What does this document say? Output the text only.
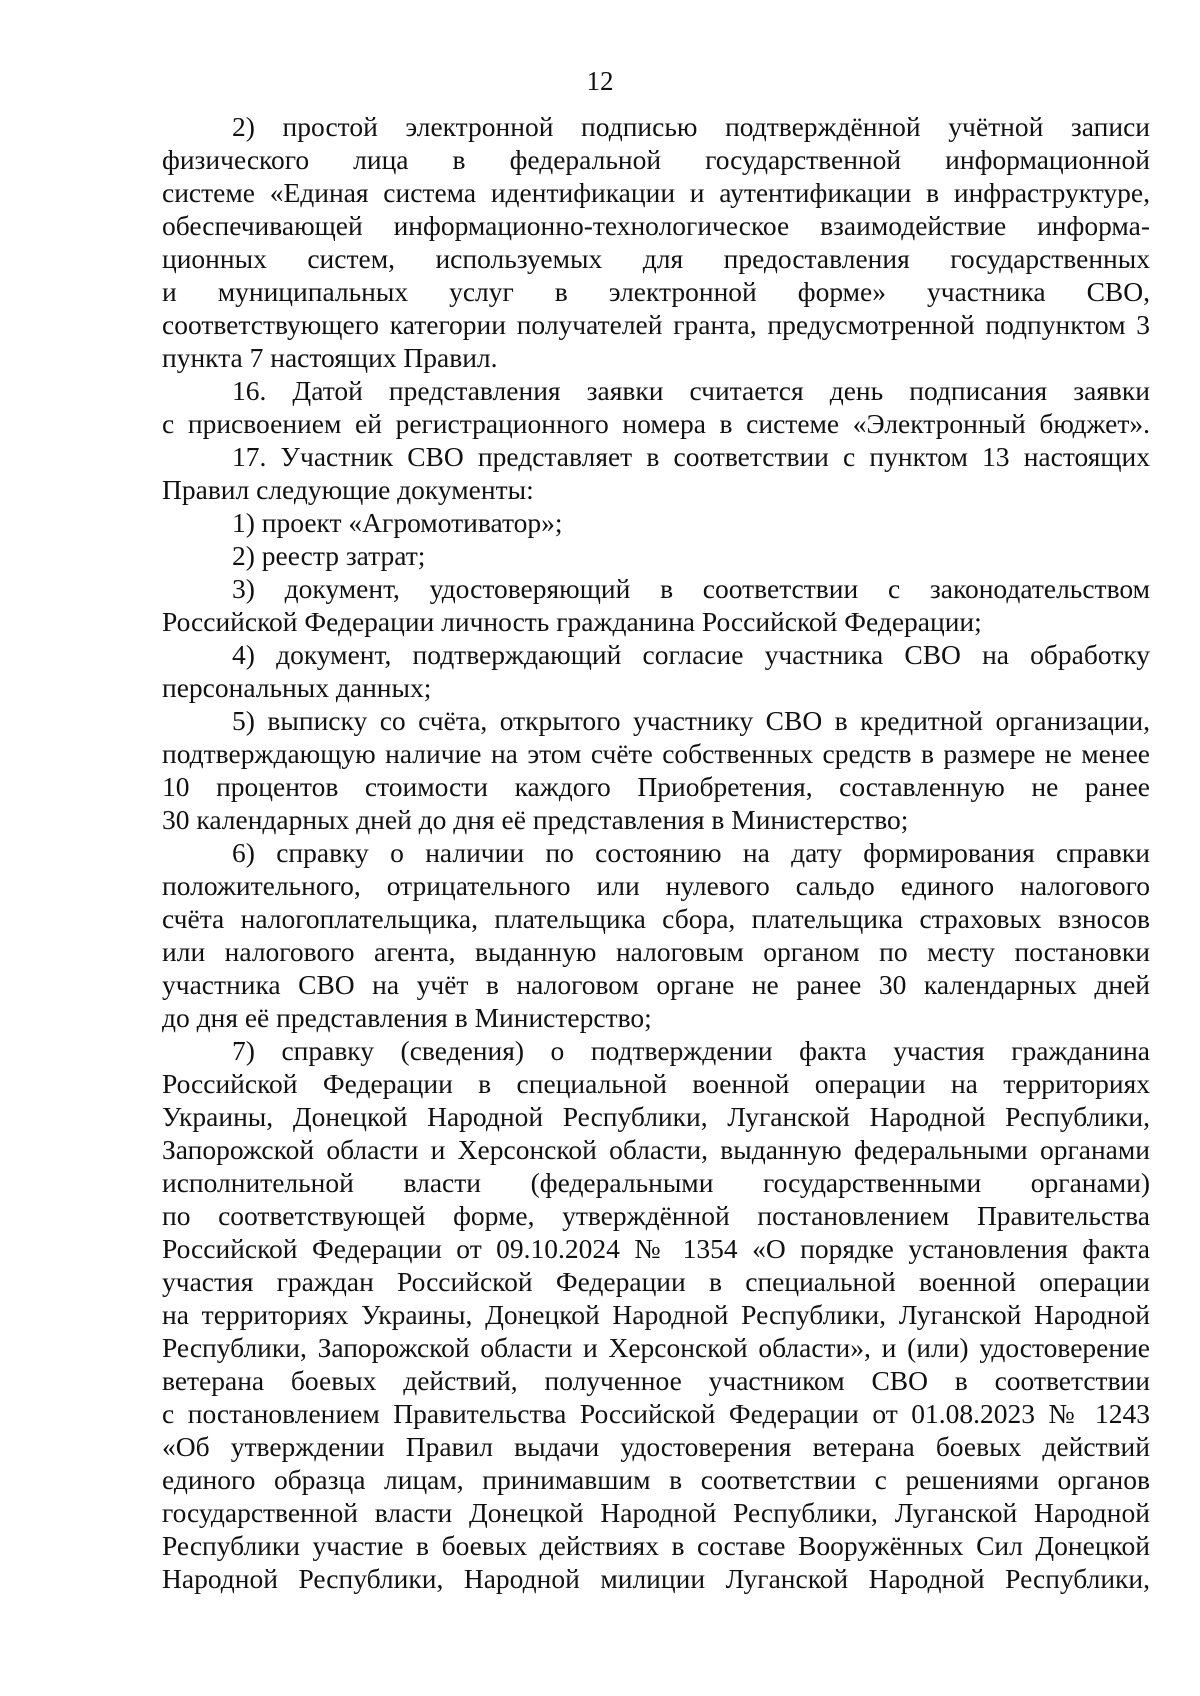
12
2) простой электронной подписью подтверждённой учётной записи
физического лица в федеральной государственной информационной
системе «Единая система идентификации и аутентификации в инфраструктуре,
обеспечивающей информационно-технологическое взаимодействие информа-
ционных систем, используемых для предоставления государственных
и муниципальных услуг в электронной форме» участника СВО,
соответствующего категории получателей гранта, предусмотренной подпунктом 3
пункта 7 настоящих Правил.
16. Датой представления заявки считается день подписания заявки
с присвоением ей регистрационного номера в системе «Электронный бюджет».
17. Участник СВО представляет в соответствии с пунктом 13 настоящих
Правил следующие документы:
1) проект «Агромотиватор»;
2) реестр затрат;
3) документ, удостоверяющий в соответствии с законодательством
Российской Федерации личность гражданина Российской Федерации;
4) документ, подтверждающий согласие участника СВО на обработку
персональных данных;
5) выписку со счёта, открытого участнику СВО в кредитной организации,
подтверждающую наличие на этом счёте собственных средств в размере не менее
10 процентов стоимости каждого Приобретения, составленную не ранее
30 календарных дней до дня её представления в Министерство;
6) справку о наличии по состоянию на дату формирования справки
положительного, отрицательного или нулевого сальдо единого налогового
счёта налогоплательщика, плательщика сбора, плательщика страховых взносов
или налогового агента, выданную налоговым органом по месту постановки
участника СВО на учёт в налоговом органе не ранее 30 календарных дней
до дня её представления в Министерство;
7) справку (сведения) о подтверждении факта участия гражданина
Российской Федерации в специальной военной операции на территориях
Украины, Донецкой Народной Республики, Луганской Народной Республики,
Запорожской области и Херсонской области, выданную федеральными органами
исполнительной власти (федеральными государственными органами)
по соответствующей форме, утверждённой постановлением Правительства
Российской Федерации от 09.10.2024 № 1354 «О порядке установления факта
участия граждан Российской Федерации в специальной военной операции
на территориях Украины, Донецкой Народной Республики, Луганской Народной
Республики, Запорожской области и Херсонской области», и (или) удостоверение
ветерана боевых действий, полученное участником СВО в соответствии
с постановлением Правительства Российской Федерации от 01.08.2023 № 1243
«Об утверждении Правил выдачи удостоверения ветерана боевых действий
единого образца лицам, принимавшим в соответствии с решениями органов
государственной власти Донецкой Народной Республики, Луганской Народной
Республики участие в боевых действиях в составе Вооружённых Сил Донецкой
Народной Республики, Народной милиции Луганской Народной Республики,
